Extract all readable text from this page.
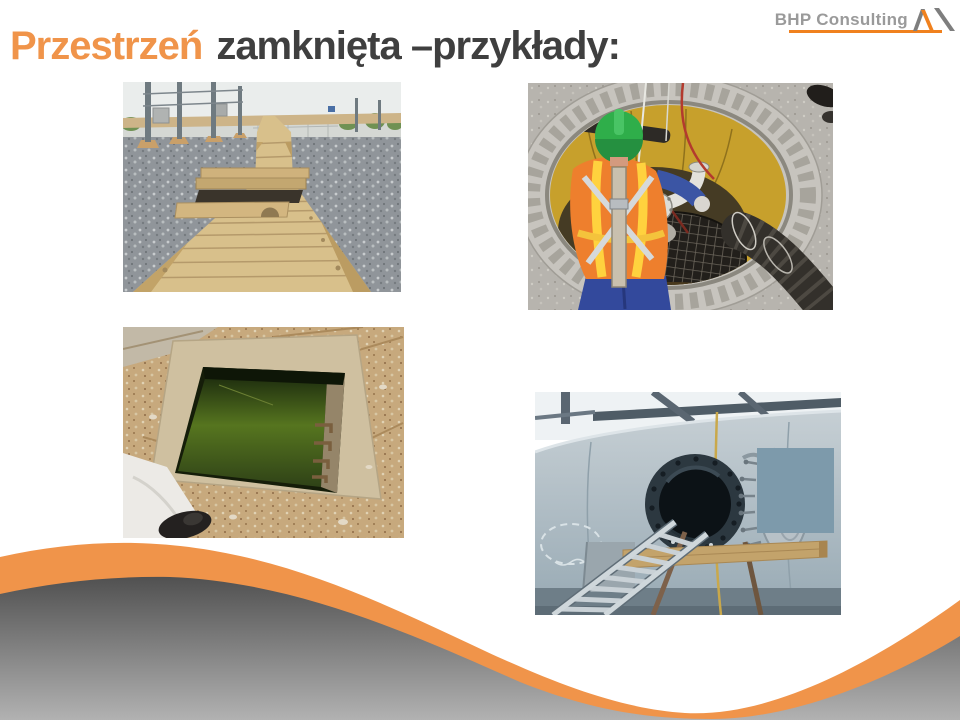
Przestrzeń zamknięta –przykłady:
BHP Consulting
